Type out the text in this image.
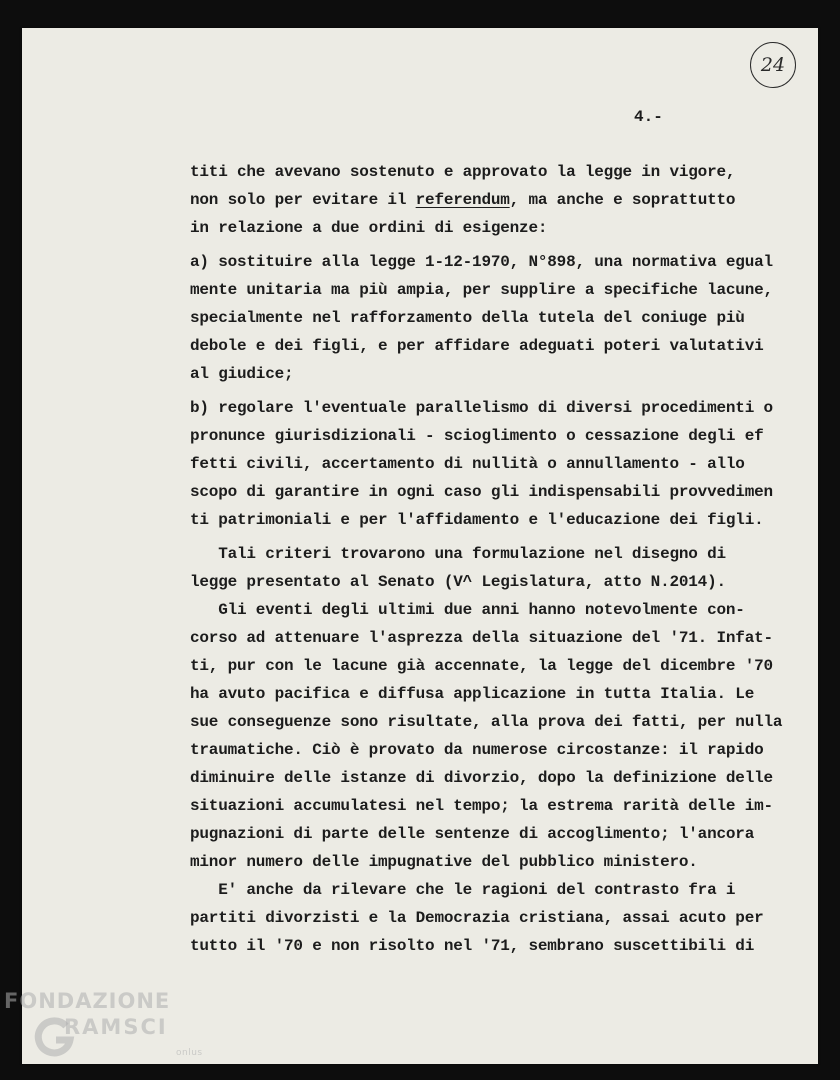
24
4.-
titi che avevano sostenuto e approvato la legge in vigore,
non solo per evitare il referendum, ma anche e soprattutto
in relazione a due ordini di esigenze:
a) sostituire alla legge 1-12-1970, N°898, una normativa egual
mente unitaria ma più ampia, per supplire a specifiche lacune,
specialmente nel rafforzamento della tutela del coniuge più
debole e dei figli, e per affidare adeguati poteri valutativi
al giudice;
b) regolare l'eventuale parallelismo di diversi procedimenti o
pronunce giurisdizionali - scioglimento o cessazione degli ef
fetti civili, accertamento di nullità o annullamento - allo
scopo di garantire in ogni caso gli indispensabili provvedimen
ti patrimoniali e per l'affidamento e l'educazione dei figli.
Tali criteri trovarono una formulazione nel disegno di
legge presentato al Senato (V^ Legislatura, atto N.2014).
Gli eventi degli ultimi due anni hanno notevolmente con-
corso ad attenuare l'asprezza della situazione del '71. Infat-
ti, pur con le lacune già accennate, la legge del dicembre '70
ha avuto pacifica e diffusa applicazione in tutta Italia. Le
sue conseguenze sono risultate, alla prova dei fatti, per nulla
traumatiche. Ciò è provato da numerose circostanze: il rapido
diminuire delle istanze di divorzio, dopo la definizione delle
situazioni accumulatesi nel tempo; la estrema rarità delle im-
pugnazioni di parte delle sentenze di accoglimento; l'ancora
minor numero delle impugnative del pubblico ministero.
E' anche da rilevare che le ragioni del contrasto fra i
partiti divorzisti e la Democrazia cristiana, assai acuto per
tutto il '70 e non risolto nel '71, sembrano suscettibili di
FONDAZIONE
RAMSCI
onlus
